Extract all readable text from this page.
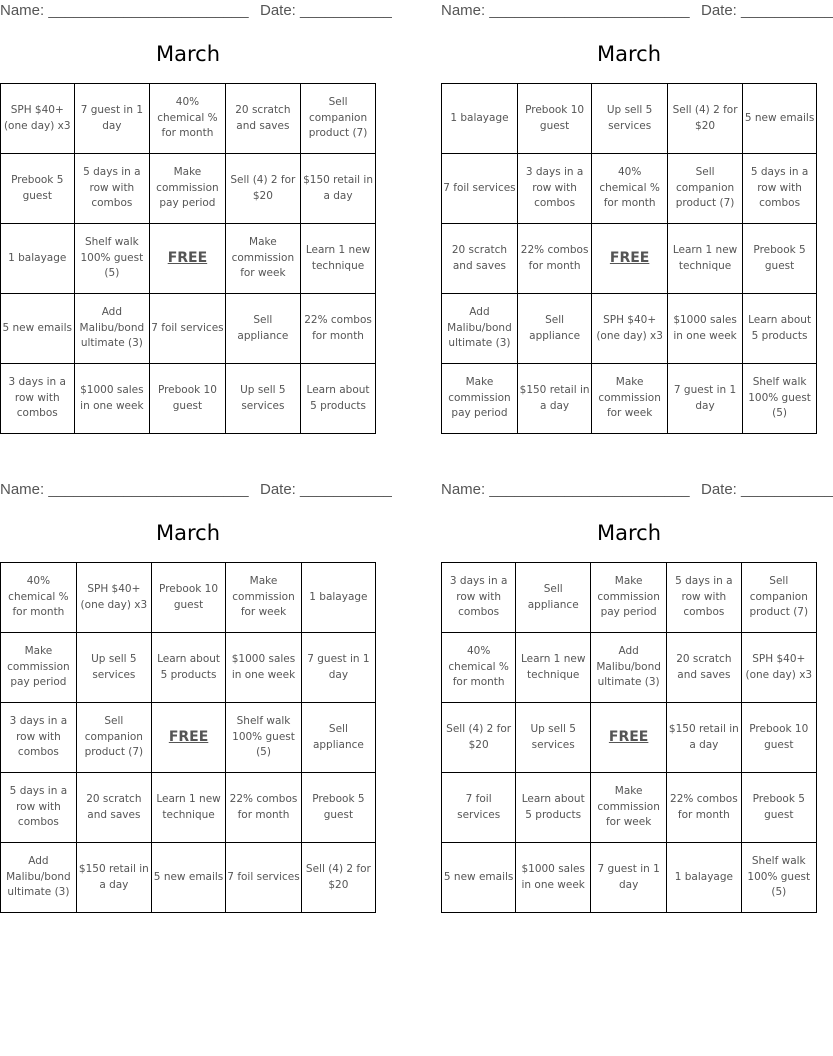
Name: ________________________ Date: ___________
March
SPH $40+ (one day) x3	7 guest in 1 day	40% chemical % for month	20 scratch and saves	Sell companion product (7)
Prebook 5 guest	5 days in a row with combos	Make commission pay period	Sell (4) 2 for $20	$150 retail in a day
1 balayage	Shelf walk 100% guest (5)	FREE	Make commission for week	Learn 1 new technique
5 new emails	Add Malibu/bond ultimate (3)	7 foil services	Sell appliance	22% combos for month
3 days in a row with combos	$1000 sales in one week	Prebook 10 guest	Up sell 5 services	Learn about 5 products
Name: ________________________ Date: ___________
March
1 balayage	Prebook 10 guest	Up sell 5 services	Sell (4) 2 for $20	5 new emails
7 foil services	3 days in a row with combos	40% chemical % for month	Sell companion product (7)	5 days in a row with combos
20 scratch and saves	22% combos for month	FREE	Learn 1 new technique	Prebook 5 guest
Add Malibu/bond ultimate (3)	Sell appliance	SPH $40+ (one day) x3	$1000 sales in one week	Learn about 5 products
Make commission pay period	$150 retail in a day	Make commission for week	7 guest in 1 day	Shelf walk 100% guest (5)
Name: ________________________ Date: ___________
March
40% chemical % for month	SPH $40+ (one day) x3	Prebook 10 guest	Make commission for week	1 balayage
Make commission pay period	Up sell 5 services	Learn about 5 products	$1000 sales in one week	7 guest in 1 day
3 days in a row with combos	Sell companion product (7)	FREE	Shelf walk 100% guest (5)	Sell appliance
5 days in a row with combos	20 scratch and saves	Learn 1 new technique	22% combos for month	Prebook 5 guest
Add Malibu/bond ultimate (3)	$150 retail in a day	5 new emails	7 foil services	Sell (4) 2 for $20
Name: ________________________ Date: ___________
March
3 days in a row with combos	Sell appliance	Make commission pay period	5 days in a row with combos	Sell companion product (7)
40% chemical % for month	Learn 1 new technique	Add Malibu/bond ultimate (3)	20 scratch and saves	SPH $40+ (one day) x3
Sell (4) 2 for $20	Up sell 5 services	FREE	$150 retail in a day	Prebook 10 guest
7 foil services	Learn about 5 products	Make commission for week	22% combos for month	Prebook 5 guest
5 new emails	$1000 sales in one week	7 guest in 1 day	1 balayage	Shelf walk 100% guest (5)
